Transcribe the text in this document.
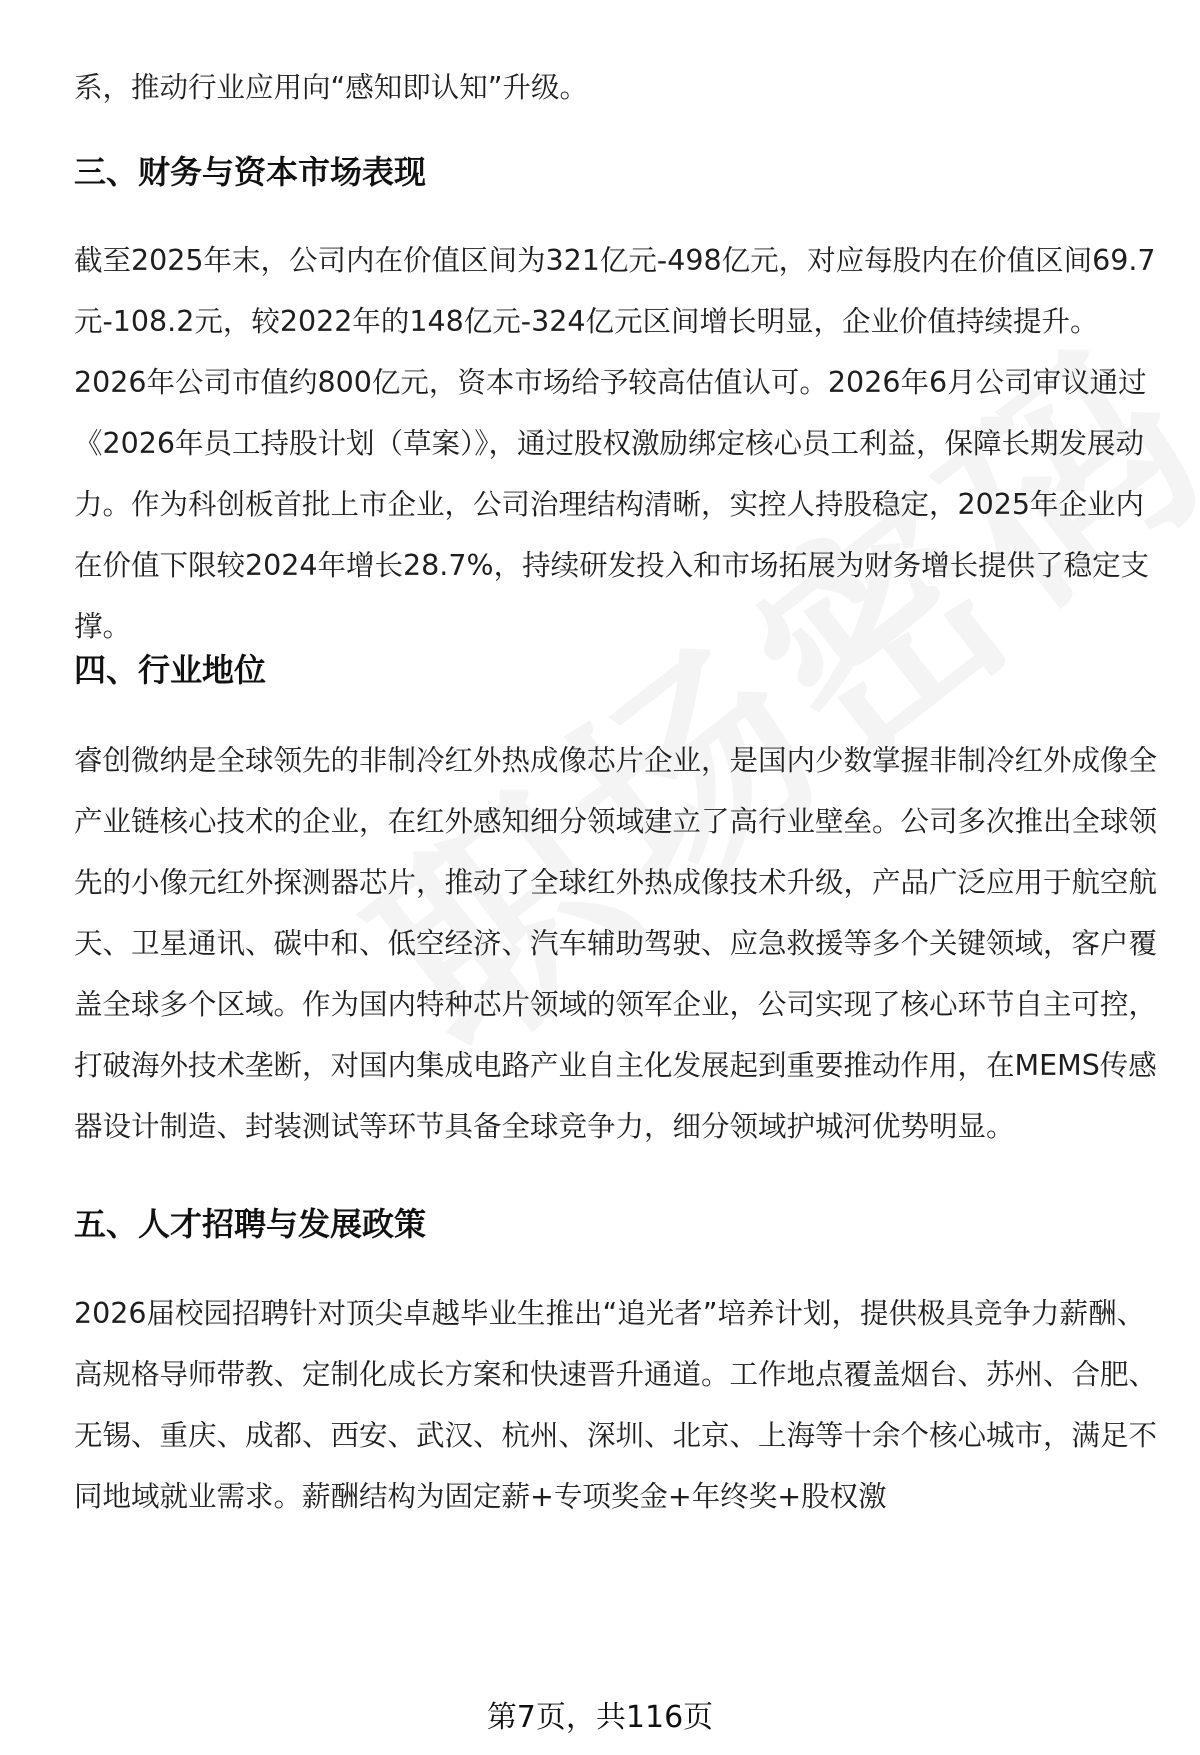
系，推动行业应用向“感知即认知”升级。

三、财务与资本市场表现

截至2025年末，公司内在价值区间为321亿元-498亿元，对应每股内在价值区间69.7元-108.2元，较2022年的148亿元-324亿元区间增长明显，企业价值持续提升。2026年公司市值约800亿元，资本市场给予较高估值认可。2026年6月公司审议通过《2026年员工持股计划（草案）》，通过股权激励绑定核心员工利益，保障长期发展动力。作为科创板首批上市企业，公司治理结构清晰，实控人持股稳定，2025年企业内在价值下限较2024年增长28.7%，持续研发投入和市场拓展为财务增长提供了稳定支撑。

四、行业地位

睿创微纳是全球领先的非制冷红外热成像芯片企业，是国内少数掌握非制冷红外成像全产业链核心技术的企业，在红外感知细分领域建立了高行业壁垒。公司多次推出全球领先的小像元红外探测器芯片，推动了全球红外热成像技术升级，产品广泛应用于航空航天、卫星通讯、碳中和、低空经济、汽车辅助驾驶、应急救援等多个关键领域，客户覆盖全球多个区域。作为国内特种芯片领域的领军企业，公司实现了核心环节自主可控，打破海外技术垄断，对国内集成电路产业自主化发展起到重要推动作用，在MEMS传感器设计制造、封装测试等环节具备全球竞争力，细分领域护城河优势明显。

五、人才招聘与发展政策

2026届校园招聘针对顶尖卓越毕业生推出“追光者”培养计划，提供极具竞争力薪酬、高规格导师带教、定制化成长方案和快速晋升通道。工作地点覆盖烟台、苏州、合肥、无锡、重庆、成都、西安、武汉、杭州、深圳、北京、上海等十余个核心城市，满足不同地域就业需求。薪酬结构为固定薪+专项奖金+年终奖+股权激

第7页，共116页
